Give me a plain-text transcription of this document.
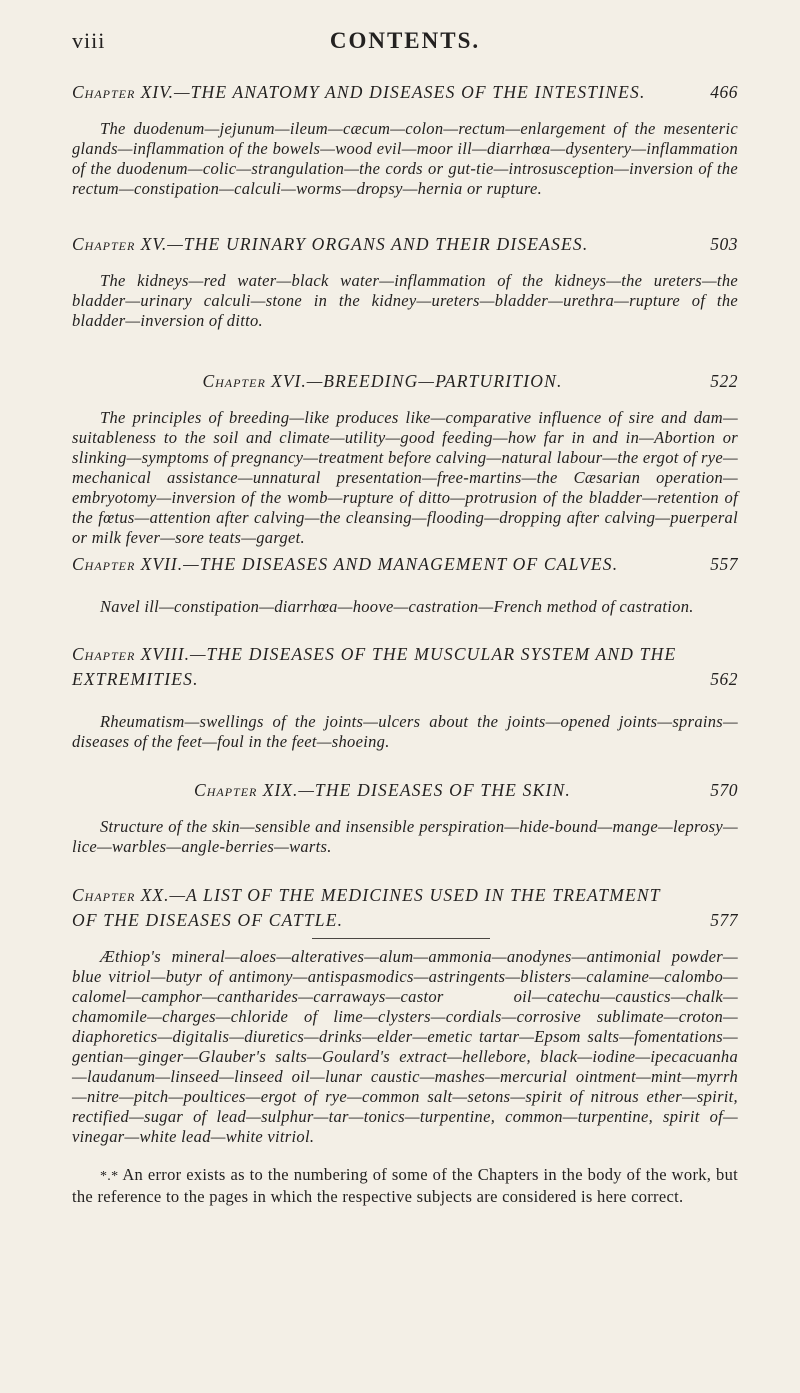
viii	CONTENTS.
Chapter XIV.—THE ANATOMY AND DISEASES OF THE INTESTINES.	466

The duodenum—jejunum—ileum—cæcum—colon—rectum—enlargement of the mesenteric glands—inflammation of the bowels—wood evil—moor ill—diarrhœa—dysentery—inflammation of the duodenum—colic—strangulation—the cords or gut-tie—introsusception—inversion of the rectum—constipation—calculi—worms—dropsy—hernia or rupture.

Chapter XV.—THE URINARY ORGANS AND THEIR DISEASES.	503

The kidneys—red water—black water—inflammation of the kidneys—the ureters—the bladder—urinary calculi—stone in the kidney—ureters—bladder—urethra—rupture of the bladder—inversion of ditto.

Chapter XVI.—BREEDING—PARTURITION.	522

The principles of breeding—like produces like—comparative influence of sire and dam—suitableness to the soil and climate—utility—good feeding—how far in and in—Abortion or slinking—symptoms of pregnancy—treatment before calving—natural labour—the ergot of rye—mechanical assistance—unnatural presentation—free-martins—the Cæsarian operation—embryotomy—inversion of the womb—rupture of ditto—protrusion of the bladder—retention of the fœtus—attention after calving—the cleansing—flooding—dropping after calving—puerperal or milk fever—sore teats—garget.

Chapter XVII.—THE DISEASES AND MANAGEMENT OF CALVES.	557

Navel ill—constipation—diarrhœa—hoove—castration—French method of castration.

Chapter XVIII.—THE DISEASES OF THE MUSCULAR SYSTEM AND THE EXTREMITIES.	562

Rheumatism—swellings of the joints—ulcers about the joints—opened joints—sprains—diseases of the feet—foul in the feet—shoeing.

Chapter XIX.—THE DISEASES OF THE SKIN.	570

Structure of the skin—sensible and insensible perspiration—hide-bound—mange—leprosy—lice—warbles—angle-berries—warts.

Chapter XX.—A LIST OF THE MEDICINES USED IN THE TREATMENT OF THE DISEASES OF CATTLE.	577

Æthiop's mineral—aloes—alteratives—alum—ammonia—anodynes—antimonial powder—blue vitriol—butyr of antimony—antispasmodics—astringents—blisters—calamine—calombo—calomel—camphor—cantharides—carraways—castor oil—catechu—caustics—chalk—chamomile—charges—chloride of lime—clysters—cordials—corrosive sublimate—croton—diaphoretics—digitalis—diuretics—drinks—elder—emetic tartar—Epsom salts—fomentations—gentian—ginger—Glauber's salts—Goulard's extract—hellebore, black—iodine—ipecacuanha—laudanum—linseed—linseed oil—lunar caustic—mashes—mercurial ointment—mint—myrrh—nitre—pitch—poultices—ergot of rye—common salt—setons—spirit of nitrous ether—spirit, rectified—sugar of lead—sulphur—tar—tonics—turpentine, common—turpentine, spirit of—vinegar—white lead—white vitriol.

*.* An error exists as to the numbering of some of the Chapters in the body of the work, but the reference to the pages in which the respective subjects are considered is here correct.
